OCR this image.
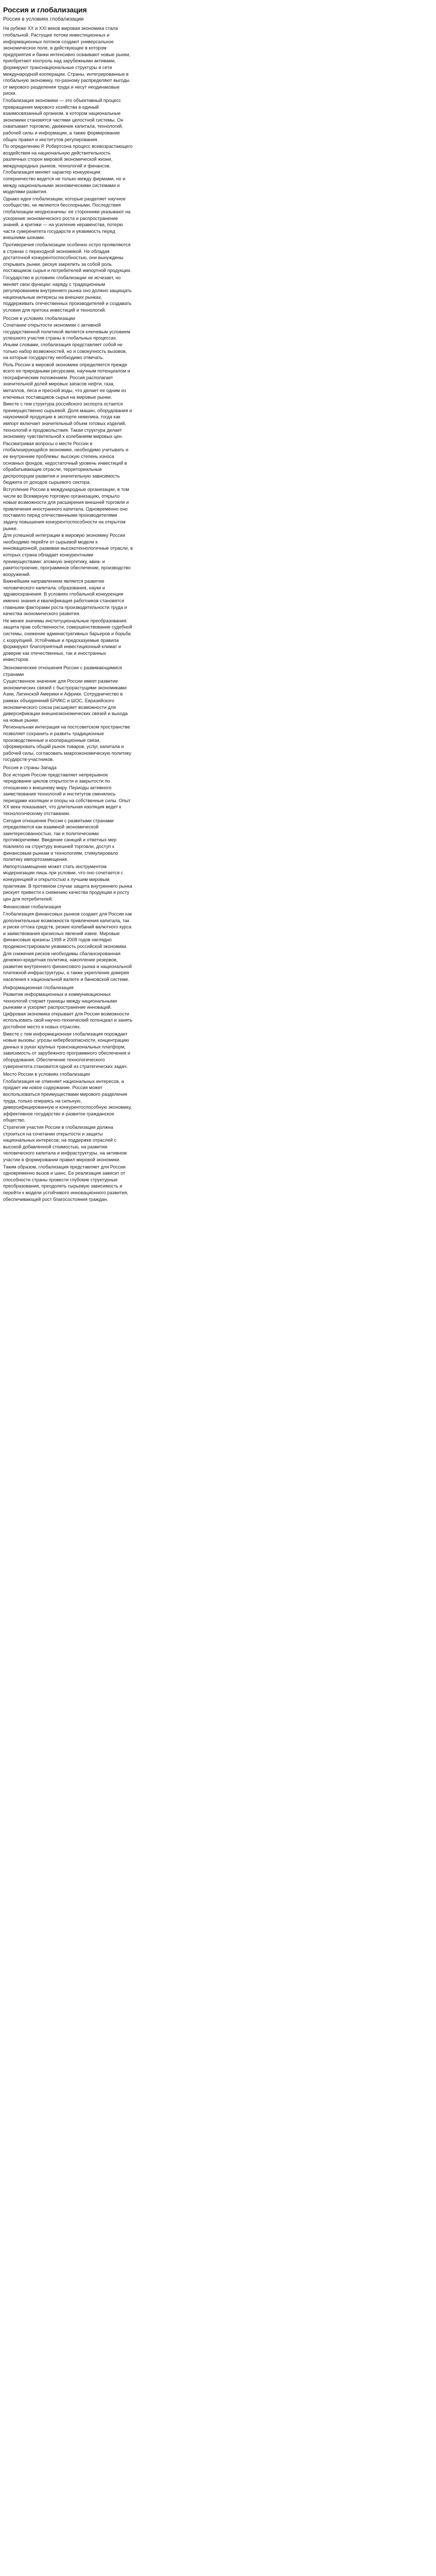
Россия и глобализация
Россия в условиях глобализации

На рубеже XX и XXI веков мировая экономика стала глобальной. Растущие потоки инвестиционных и информационных потоков создают универсальное экономическое поле, в действующее в котором предприятия и банки интенсивно осваивают новые рынки, приобретают контроль над зарубежными активами, формируют транснациональные структуры и сети международной кооперации. Страны, интегрированные в глобальную экономику, по-разному распределяют выгоды от мирового разделения труда и несут неодинаковые риски.

Глобализация экономики — это объективный процесс превращения мирового хозяйства в единый взаимосвязанный организм, в котором национальные экономики становятся частями целостной системы. Он охватывает торговлю, движение капитала, технологий, рабочей силы и информации, а также формирование общих правил и институтов регулирования.

По определению Р. Робертсона процесс всевозрастающего воздействия на национальную действительность различных сторон мировой экономической жизни, международных рынков, технологий и финансов. Глобализация меняет характер конкуренции: соперничество ведется не только между фирмами, но и между национальными экономическими системами и моделями развития.

Однако идеи глобализации, которые разделяет научное сообщество, не являются бесспорными. Последствия глобализации неоднозначны: ее сторонники указывают на ускорение экономического роста и распространение знаний, а критики — на усиление неравенства, потерю части суверенитета государств и уязвимость перед внешними шоками.

Противоречия глобализации особенно остро проявляются в странах с переходной экономикой. Не обладая достаточной конкурентоспособностью, они вынуждены открывать рынки, рискуя закрепить за собой роль поставщиков сырья и потребителей импортной продукции.

Государство в условиях глобализации не исчезает, но меняет свои функции: наряду с традиционным регулированием внутреннего рынка оно должно защищать национальные интересы на внешних рынках, поддерживать отечественных производителей и создавать условия для притока инвестиций и технологий.

Россия в условиях глобализации

Сочетание открытости экономики с активной государственной политикой является ключевым условием успешного участия страны в глобальных процессах. Иными словами, глобализация представляет собой не только набор возможностей, но и совокупность вызовов, на которые государству необходимо отвечать.

Роль России в мировой экономике определяется прежде всего ее природными ресурсами, научным потенциалом и географическим положением. Россия располагает значительной долей мировых запасов нефти, газа, металлов, леса и пресной воды, что делает ее одним из ключевых поставщиков сырья на мировые рынки.

Вместе с тем структура российского экспорта остается преимущественно сырьевой. Доля машин, оборудования и наукоемкой продукции в экспорте невелика, тогда как импорт включает значительный объем готовых изделий, технологий и продовольствия. Такая структура делает экономику чувствительной к колебаниям мировых цен.

Рассматривая вопросы о месте России в глобализирующейся экономике, необходимо учитывать и ее внутренние проблемы: высокую степень износа основных фондов, недостаточный уровень инвестиций в обрабатывающие отрасли, территориальные диспропорции развития и значительную зависимость бюджета от доходов сырьевого сектора.

Вступление России в международные организации, в том числе во Всемирную торговую организацию, открыло новые возможности для расширения внешней торговли и привлечения иностранного капитала. Одновременно оно поставило перед отечественными производителями задачу повышения конкурентоспособности на открытом рынке.

Для успешной интеграции в мировую экономику России необходимо перейти от сырьевой модели к инновационной, развивая высокотехнологичные отрасли, в которых страна обладает конкурентными преимуществами: атомную энергетику, авиа- и ракетостроение, программное обеспечение, производство вооружений.

Важнейшим направлением является развитие человеческого капитала: образования, науки и здравоохранения. В условиях глобальной конкуренции именно знания и квалификация работников становятся главными факторами роста производительности труда и качества экономического развития.

Не менее значимы институциональные преобразования: защита прав собственности, совершенствование судебной системы, снижение административных барьеров и борьба с коррупцией. Устойчивые и предсказуемые правила формируют благоприятный инвестиционный климат и доверие как отечественных, так и иностранных инвесторов.

Экономические отношения России с развивающимися странами

Существенное значение для России имеет развитие экономических связей с быстрорастущими экономиками Азии, Латинской Америки и Африки. Сотрудничество в рамках объединений БРИКС и ШОС, Евразийского экономического союза расширяет возможности для диверсификации внешнеэкономических связей и выхода на новые рынки.

Региональная интеграция на постсоветском пространстве позволяет сохранить и развить традиционные производственные и кооперационные связи, сформировать общий рынок товаров, услуг, капитала и рабочей силы, согласовать макроэкономическую политику государств-участников.

Россия и страны Запада

Все история России представляет непрерывное чередование циклов открытости и закрытости по отношению к внешнему миру. Периоды активного заимствования технологий и институтов сменялись периодами изоляции и опоры на собственные силы. Опыт XX века показывает, что длительная изоляция ведет к технологическому отставанию.

Сегодня отношения России с развитыми странами определяются как взаимной экономической заинтересованностью, так и политическими противоречиями. Введение санкций и ответных мер повлияло на структуру внешней торговли, доступ к финансовым рынкам и технологиям, стимулировало политику импортозамещения.

Импортозамещение может стать инструментом модернизации лишь при условии, что оно сочетается с конкуренцией и открытостью к лучшим мировым практикам. В противном случае защита внутреннего рынка рискует привести к снижению качества продукции и росту цен для потребителей.

Финансовая глобализация

Глобализация финансовых рынков создает для России как дополнительные возможности привлечения капитала, так и риски оттока средств, резких колебаний валютного курса и заимствования кризисных явлений извне. Мировые финансовые кризисы 1998 и 2008 годов наглядно продемонстрировали уязвимость российской экономики.

Для снижения рисков необходимы сбалансированная денежно-кредитная политика, накопление резервов, развитие внутреннего финансового рынка и национальной платежной инфраструктуры, а также укрепление доверия населения к национальной валюте и банковской системе.

Информационная глобализация

Развитие информационных и коммуникационных технологий стирает границы между национальными рынками и ускоряет распространение инноваций. Цифровая экономика открывает для России возможности использовать свой научно-технический потенциал и занять достойное место в новых отраслях.

Вместе с тем информационная глобализация порождает новые вызовы: угрозы кибербезопасности, концентрацию данных в руках крупных транснациональных платформ, зависимость от зарубежного программного обеспечения и оборудования. Обеспечение технологического суверенитета становится одной из стратегических задач.

Место России в условиях глобализации

Глобализация не отменяет национальных интересов, а придает им новое содержание. Россия может воспользоваться преимуществами мирового разделения труда, только опираясь на сильную, диверсифицированную и конкурентоспособную экономику, эффективное государство и развитое гражданское общество.

Стратегия участия России в глобализации должна строиться на сочетании открытости и защиты национальных интересов, на поддержке отраслей с высокой добавленной стоимостью, на развитии человеческого капитала и инфраструктуры, на активном участии в формировании правил мировой экономики.

Таким образом, глобализация представляет для России одновременно вызов и шанс. Ее реализация зависит от способности страны провести глубокие структурные преобразования, преодолеть сырьевую зависимость и перейти к модели устойчивого инновационного развития, обеспечивающей рост благосостояния граждан.
